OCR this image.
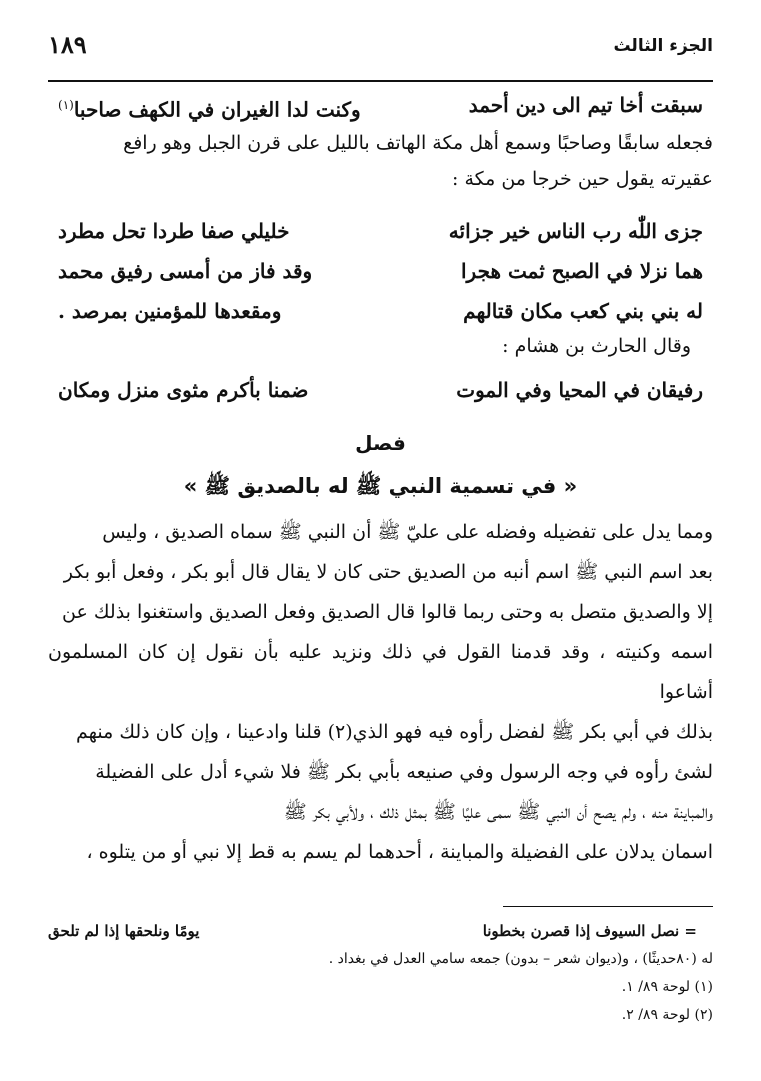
الجزء الثالث
١٨٩
سبقت أخا تيم الى دين أحمد
وكنت لدا الغيران في الكهف صاحبا$^{(١)}$
فجعله سابقًا وصاحبًا وسمع أهل مكة الهاتف بالليل على قرن الجبل وهو رافع
عقيرته يقول حين خرجا من مكة :
جزى اللّٰه رب الناس خير جزائه
خليلي صفا طردا تحل مطرد
هما نزلا في الصبح ثمت هجرا
وقد فاز من أمسى رفيق محمد
له بني بني كعب مكان قتالهم
ومقعدها للمؤمنين بمرصد .
وقال الحارث بن هشام :
رفيقان في المحيا وفي الموت
ضمنا بأكرم مثوى منزل ومكان
فصل
« في تسمية النبي ﷺ له بالصديق ﷺ »
ومما يدل على تفضيله وفضله على عليّ ﷺ أن النبي ﷺ سماه الصديق ، وليس
بعد اسم النبي ﷺ اسم أنبه من الصديق حتى كان لا يقال قال أبو بكر ، وفعل أبو بكر
إلا والصديق متصل به وحتى ربما قالوا قال الصديق وفعل الصديق واستغنوا بذلك عن
اسمه وكنيته ، وقد قدمنا القول في ذلك ونزيد عليه بأن نقول إن كان المسلمون أشاعوا
بذلك في أبي بكر ﷺ لفضل رأوه فيه فهو الذي(٢) قلنا وادعينا ، وإن كان ذلك منهم
لشئ رأوه في وجه الرسول وفي صنيعه بأبي بكر ﷺ فلا شيء أدل على الفضيلة
والمباينة منه ، ولم يصح أن النبي ﷺ سمى عليًا ﷺ بمثل ذلك ، ولأبي بكر ﷺ
اسمان يدلان على الفضيلة والمباينة ، أحدهما لم يسم به قط إلا نبي أو من يتلوه ،
= نصل السيوف إذا قصرن بخطونا
يومًا ونلحقها إذا لم تلحق
له (٨٠حديثًا) ، و(ديوان شعر – بدون) جمعه سامي العدل في بغداد .
(١) لوحة ٨٩/ ١.
(٢) لوحة ٨٩/ ٢.
